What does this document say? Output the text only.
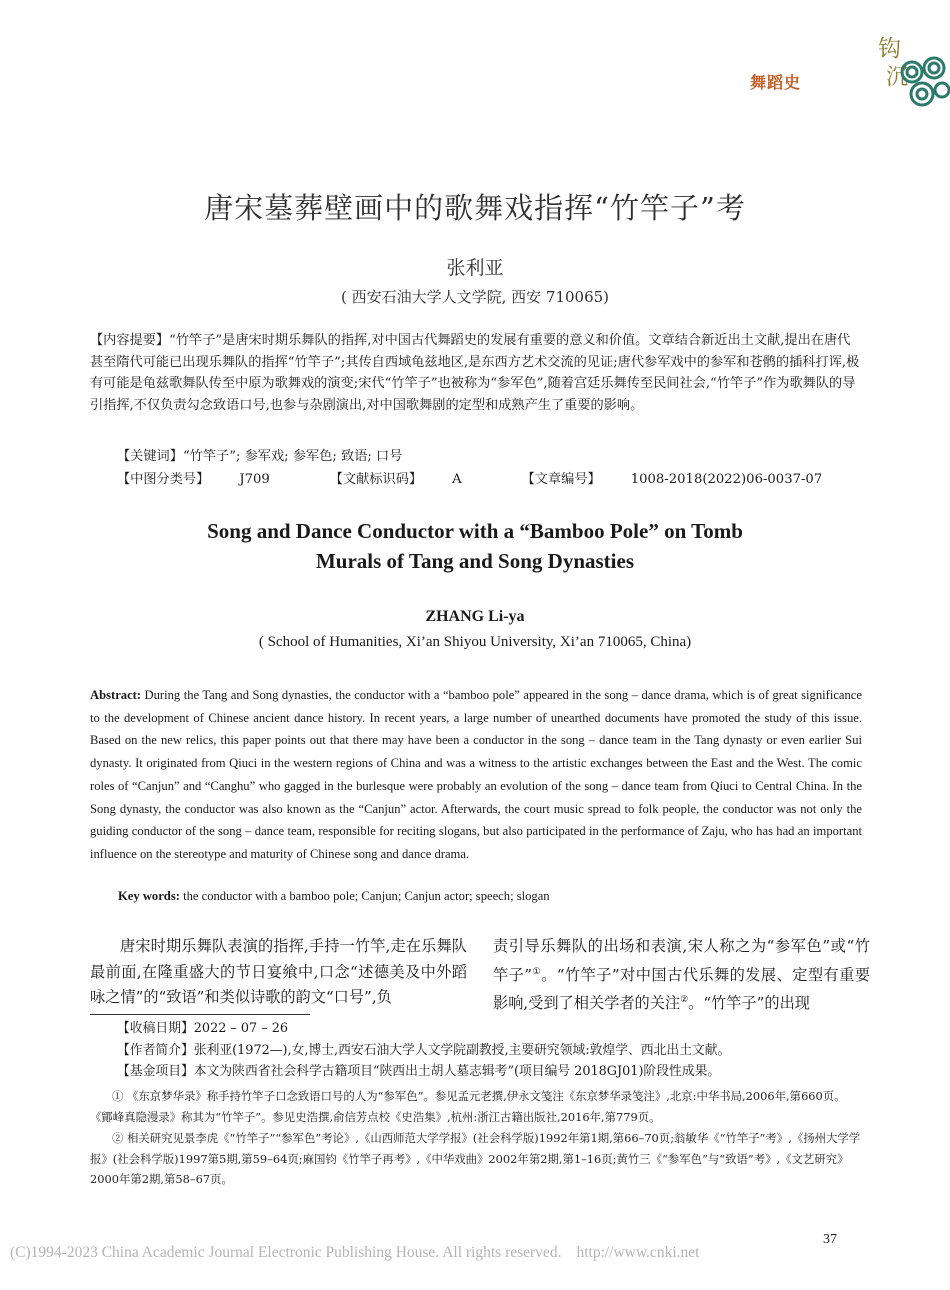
钩
沉
舞蹈史
唐宋墓葬壁画中的歌舞戏指挥“竹竿子”考
张利亚
( 西安石油大学人文学院, 西安 710065)
【内容提要】“竹竿子”是唐宋时期乐舞队的指挥,对中国古代舞蹈史的发展有重要的意义和价值。文章结合新近出土文献,提出在唐代甚至隋代可能已出现乐舞队的指挥“竹竿子”;其传自西域龟兹地区,是东西方艺术交流的见证;唐代参军戏中的参军和苍鹘的插科打诨,极有可能是龟兹歌舞队传至中原为歌舞戏的演变;宋代“竹竿子”也被称为“参军色”,随着宫廷乐舞传至民间社会,“竹竿子”作为歌舞队的导引指挥,不仅负责勾念致语口号,也参与杂剧演出,对中国歌舞剧的定型和成熟产生了重要的影响。
【关键词】“竹竿子”; 参军戏; 参军色; 致语; 口号
【中图分类号】 J709	【文献标识码】 A	【文章编号】 1008-2018(2022)06-0037-07
Song and Dance Conductor with a “Bamboo Pole” on Tomb
Murals of Tang and Song Dynasties
ZHANG Li-ya
( School of Humanities, Xi’an Shiyou University, Xi’an 710065, China)
Abstract: During the Tang and Song dynasties, the conductor with a “bamboo pole” appeared in the song – dance drama, which is of great significance to the development of Chinese ancient dance history. In recent years, a large number of unearthed documents have promoted the study of this issue. Based on the new relics, this paper points out that there may have been a conductor in the song – dance team in the Tang dynasty or even earlier Sui dynasty. It originated from Qiuci in the western regions of China and was a witness to the artistic exchanges between the East and the West. The comic roles of “Canjun” and “Canghu” who gagged in the burlesque were probably an evolution of the song – dance team from Qiuci to Central China. In the Song dynasty, the conductor was also known as the “Canjun” actor. Afterwards, the court music spread to folk people, the conductor was not only the guiding conductor of the song – dance team, responsible for reciting slogans, but also participated in the performance of Zaju, who has had an important influence on the stereotype and maturity of Chinese song and dance drama.
Key words: the conductor with a bamboo pole; Canjun; Canjun actor; speech; slogan
唐宋时期乐舞队表演的指挥,手持一竹竿,走在乐舞队最前面,在隆重盛大的节日宴飨中,口念“述德美及中外蹈咏之情”的“致语”和类似诗歌的韵文“口号”,负
责引导乐舞队的出场和表演,宋人称之为“参军色”或“竹竿子”①。“竹竿子”对中国古代乐舞的发展、定型有重要影响,受到了相关学者的关注②。“竹竿子”的出现
【收稿日期】2022 – 07 – 26
【作者简介】张利亚(1972—),女,博士,西安石油大学人文学院副教授,主要研究领域:敦煌学、西北出土文献。
【基金项目】本文为陕西省社会科学古籍项目“陕西出土胡人墓志辑考”(项目编号 2018GJ01)阶段性成果。
① 《东京梦华录》称手持竹竿子口念致语口号的人为“参军色”。参见孟元老撰,伊永文笺注《东京梦华录笺注》,北京:中华书局,2006年,第660页。《鄮峰真隐漫录》称其为“竹竿子”。参见史浩撰,俞信芳点校《史浩集》,杭州:浙江古籍出版社,2016年,第779页。
② 相关研究见景李虎《“竹竿子”“参军色”考论》,《山西师范大学学报》(社会科学版)1992年第1期,第66–70页;翁敏华《“竹竿子”考》,《扬州大学学报》(社会科学版)1997第5期,第59–64页;麻国钧《竹竿子再考》,《中华戏曲》2002年第2期,第1–16页;黄竹三《“参军色”与“致语”考》,《文艺研究》2000年第2期,第58–67页。
37
(C)1994-2023 China Academic Journal Electronic Publishing House. All rights reserved. http://www.cnki.net
